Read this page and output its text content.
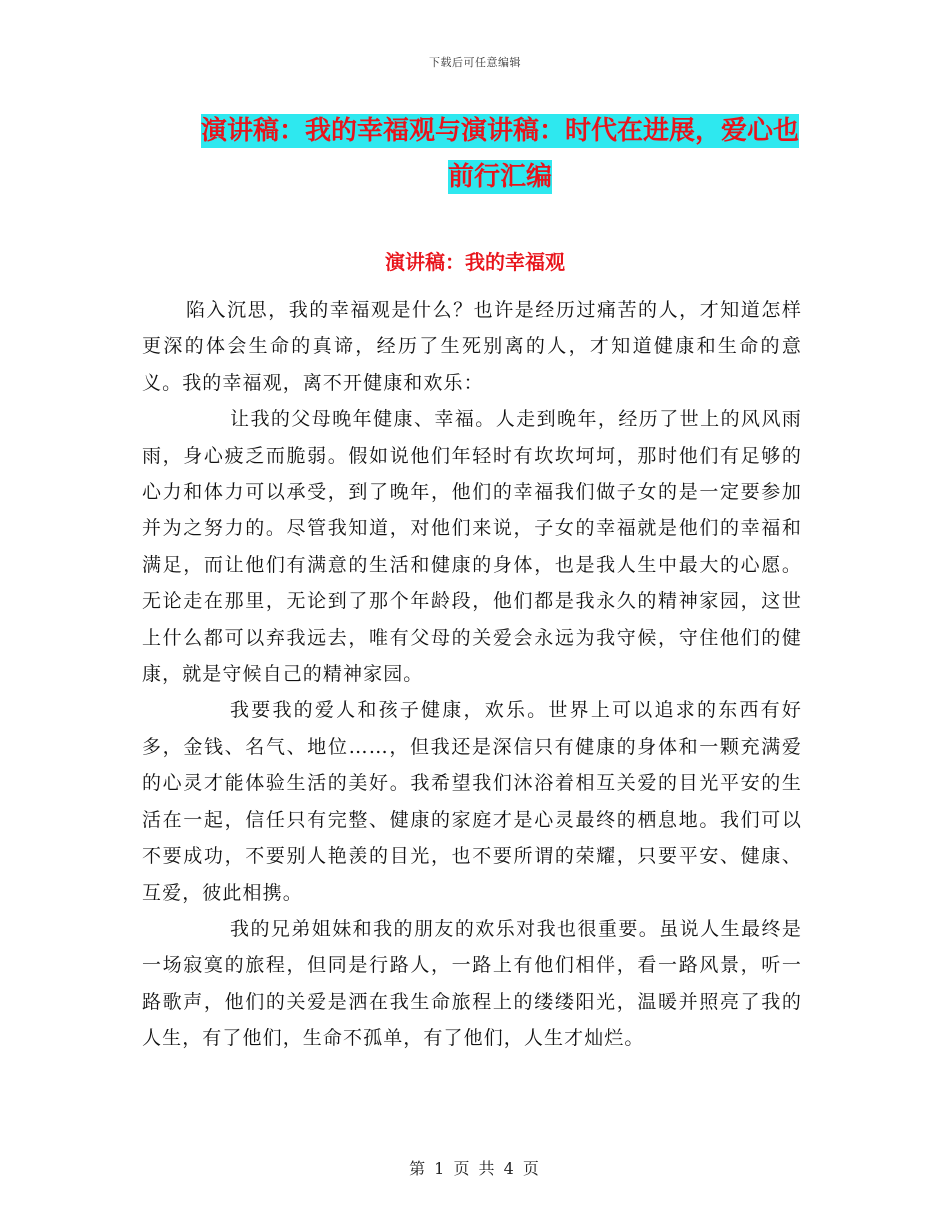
下载后可任意编辑
演讲稿：我的幸福观与演讲稿：时代在进展，爱心也
前行汇编
演讲稿：我的幸福观

陷入沉思，我的幸福观是什么？也许是经历过痛苦的人，才知道怎样更深的体会生命的真谛，经历了生死别离的人，才知道健康和生命的意义。我的幸福观，离不开健康和欢乐：

让我的父母晚年健康、幸福。人走到晚年，经历了世上的风风雨雨，身心疲乏而脆弱。假如说他们年轻时有坎坎坷坷，那时他们有足够的心力和体力可以承受，到了晚年，他们的幸福我们做子女的是一定要参加并为之努力的。尽管我知道，对他们来说，子女的幸福就是他们的幸福和满足，而让他们有满意的生活和健康的身体，也是我人生中最大的心愿。无论走在那里，无论到了那个年龄段，他们都是我永久的精神家园，这世上什么都可以弃我远去，唯有父母的关爱会永远为我守候，守住他们的健康，就是守候自己的精神家园。

我要我的爱人和孩子健康，欢乐。世界上可以追求的东西有好多，金钱、名气、地位……，但我还是深信只有健康的身体和一颗充满爱的心灵才能体验生活的美好。我希望我们沐浴着相互关爱的目光平安的生活在一起，信任只有完整、健康的家庭才是心灵最终的栖息地。我们可以不要成功，不要别人艳羡的目光，也不要所谓的荣耀，只要平安、健康、互爱，彼此相携。

我的兄弟姐妹和我的朋友的欢乐对我也很重要。虽说人生最终是一场寂寞的旅程，但同是行路人，一路上有他们相伴，看一路风景，听一路歌声，他们的关爱是洒在我生命旅程上的缕缕阳光，温暖并照亮了我的人生，有了他们，生命不孤单，有了他们，人生才灿烂。

第 1 页 共 4 页
